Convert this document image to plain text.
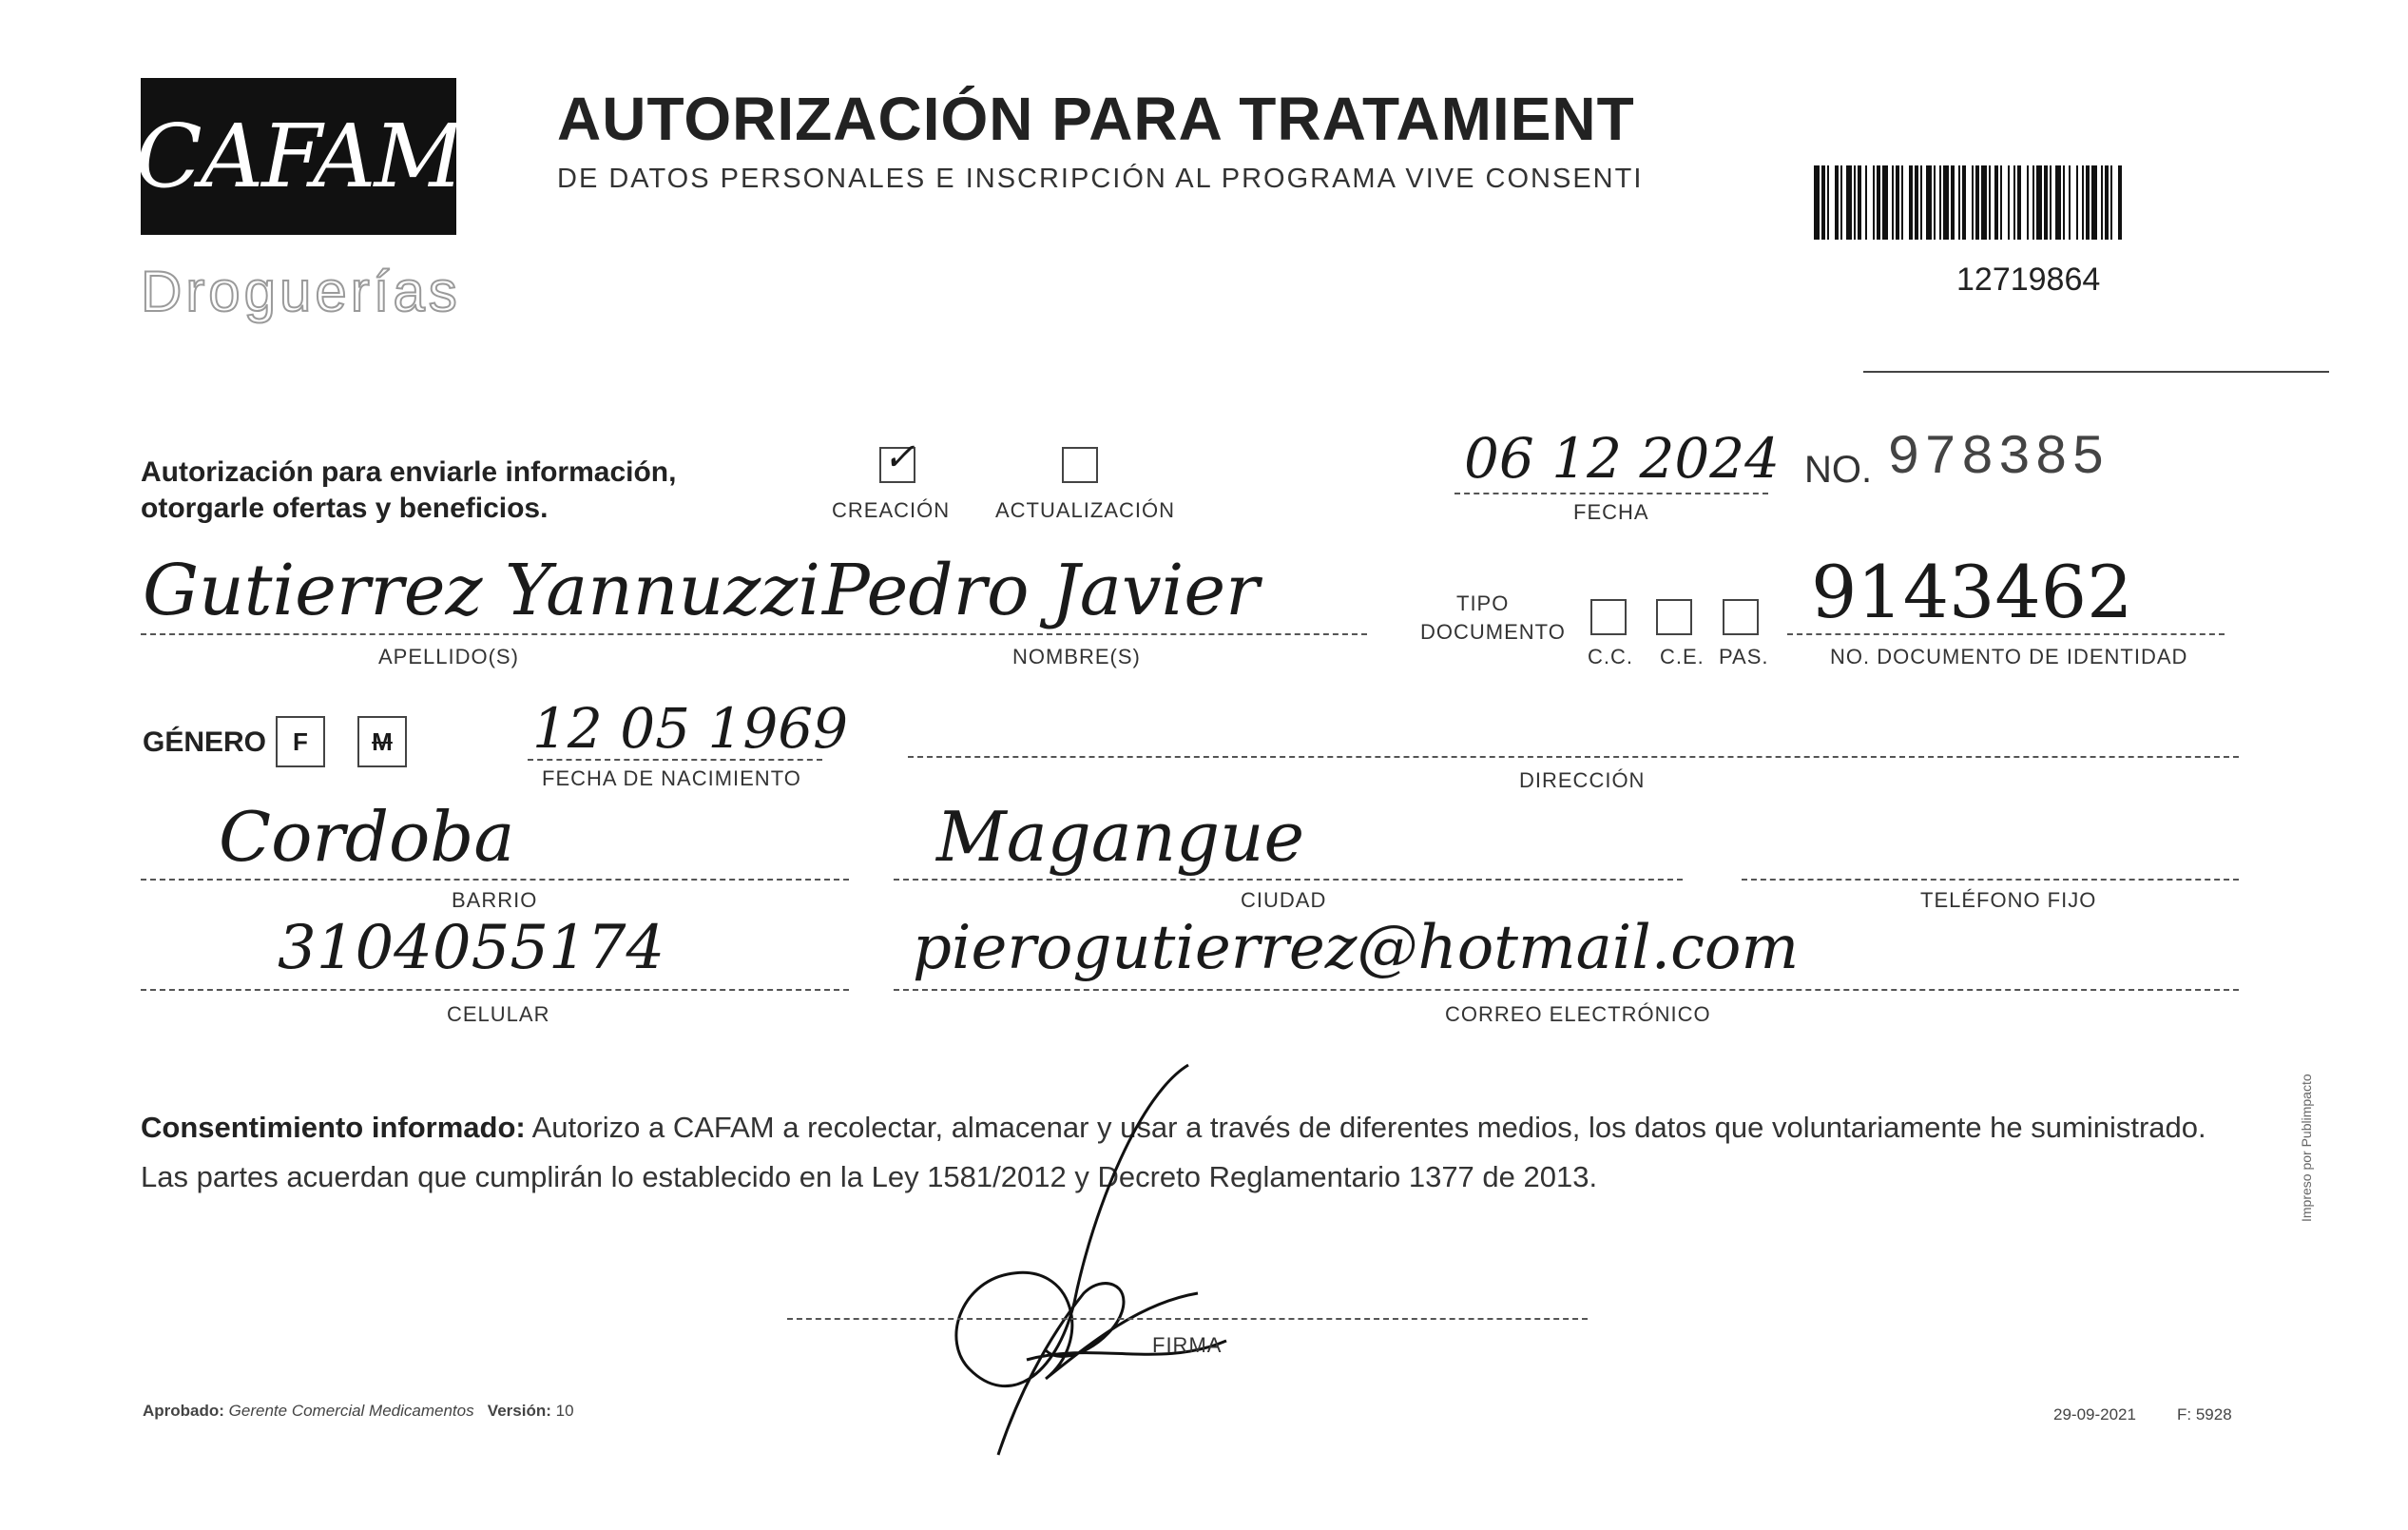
CAFAM
Droguerías
AUTORIZACIÓN PARA TRATAMIENT
DE DATOS PERSONALES E INSCRIPCIÓN AL PROGRAMA VIVE CONSENTI
12719864
Autorización para enviarle información,
otorgarle ofertas y beneficios.
✓
CREACIÓN ACTUALIZACIÓN
06 12 2024
FECHA
NO. 978385
Gutierrez Yannuzzi Pedro Javier
APELLIDO(S)	NOMBRE(S)
TIPO
DOCUMENTO
C.C. C.E. PAS.
9143462
NO. DOCUMENTO DE IDENTIDAD
GÉNERO F	M	12 05 1969
FECHA DE NACIMIENTO	DIRECCIÓN
Cordoba
BARRIO
Magangue
CIUDAD	TELÉFONO FIJO
3104055174
CELULAR
pierogutierrez@hotmail.com
CORREO ELECTRÓNICO
Consentimiento informado: Autorizo a CAFAM a recolectar, almacenar y usar a través de diferentes medios, los datos que voluntariamente he suministrado. Las partes acuerdan que cumplirán lo establecido en la Ley 1581/2012 y Decreto Reglamentario 1377 de 2013.
FIRMA
Aprobado: Gerente Comercial Medicamentos Versión: 10	29-09-2021	F: 5928
Impreso por Publimpacto
